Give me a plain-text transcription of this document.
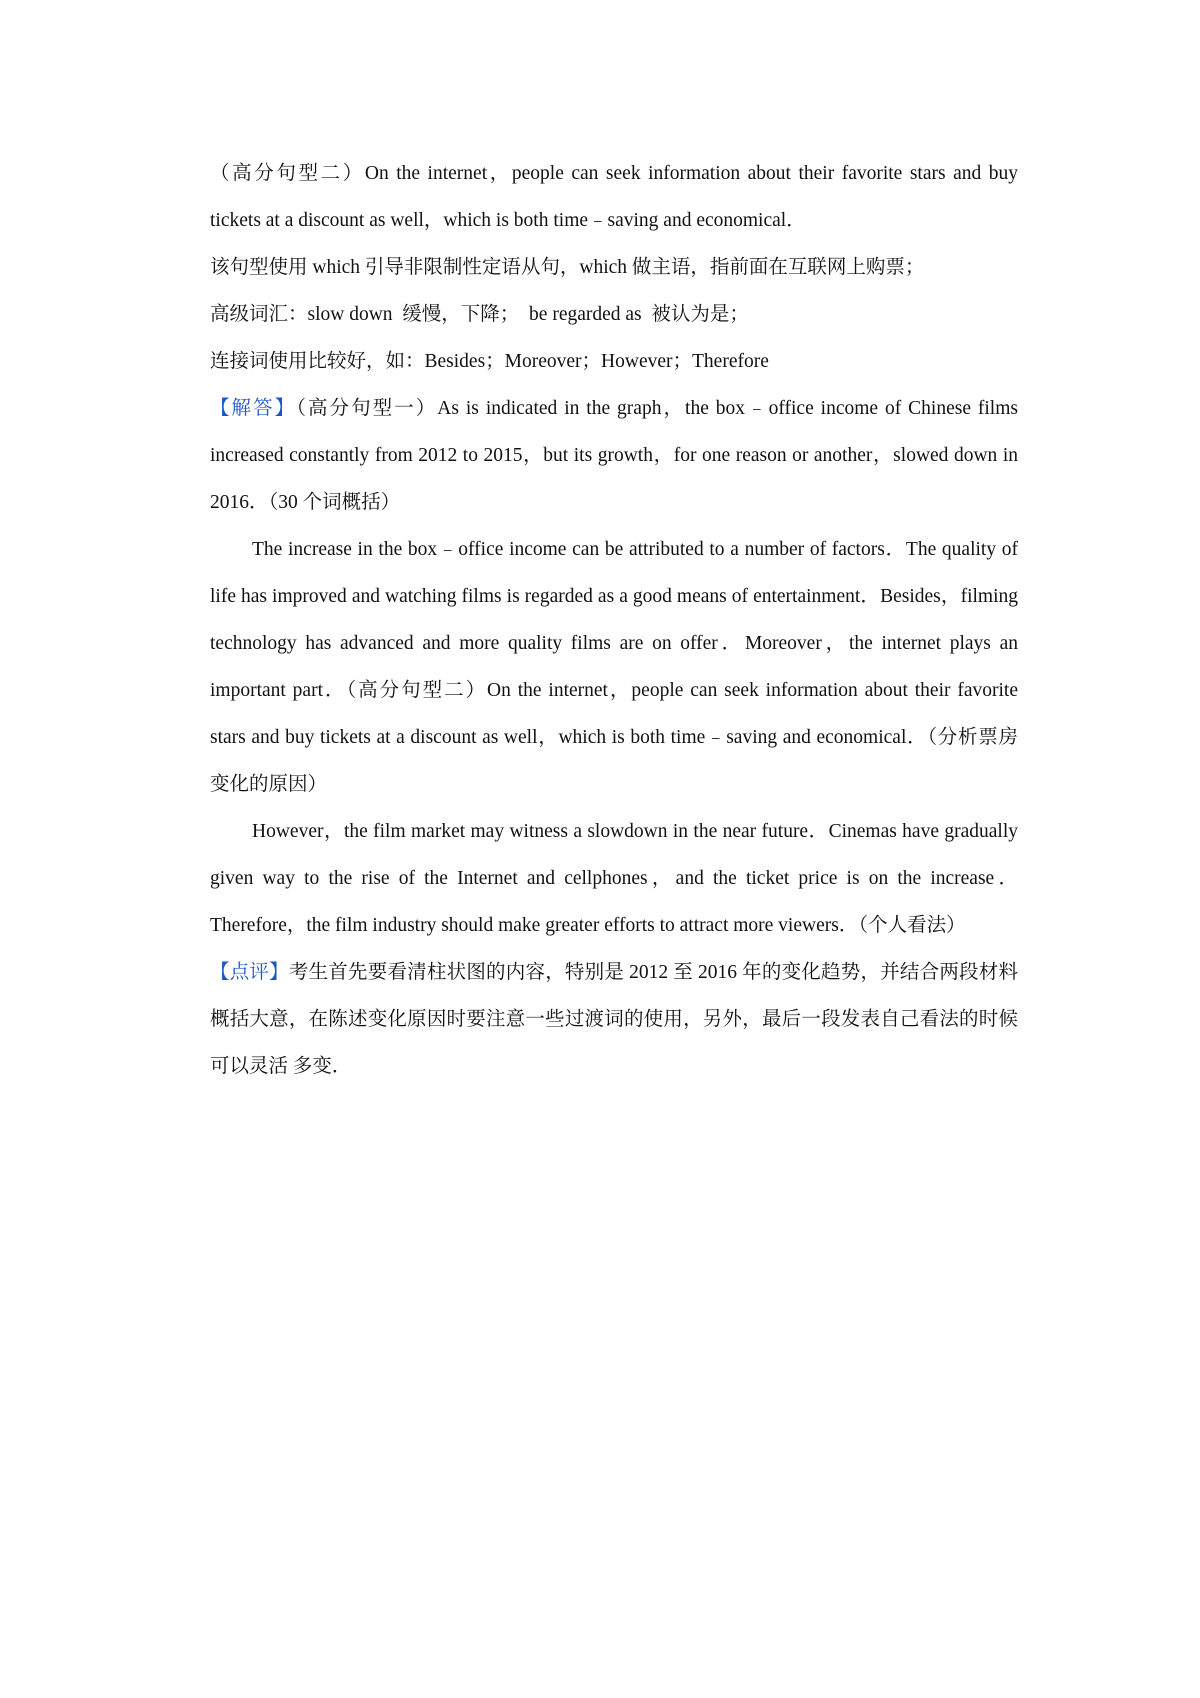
（高分句型二）On the internet，people can seek information about their favorite stars and buy tickets at a discount as well，which is both time﹣saving and economical．

该句型使用 which 引导非限制性定语从句，which 做主语，指前面在互联网上购票；

高级词汇：slow down  缓慢，下降；  be regarded as  被认为是；

连接词使用比较好，如：Besides；Moreover；However；Therefore

【解答】（高分句型一）As is indicated in the graph，the box﹣office income of Chinese films increased constantly from 2012 to 2015，but its growth，for one reason or another，slowed down in 2016．（30 个词概括）

The increase in the box﹣office income can be attributed to a number of factors．The quality of life has improved and watching films is regarded as a good means of entertainment．Besides，filming technology has advanced and more quality films are on offer．Moreover，the internet plays an important part．（高分句型二）On the internet，people can seek information about their favorite stars and buy tickets at a discount as well，which is both time﹣saving and economical．（分析票房变化的原因）

However，the film market may witness a slowdown in the near future．Cinemas have gradually given way to the rise of the Internet and cellphones，and the ticket price is on the increase．Therefore，the film industry should make greater efforts to attract more viewers．（个人看法）

【点评】考生首先要看清柱状图的内容，特别是 2012 至 2016 年的变化趋势，并结合两段材料概括大意，在陈述变化原因时要注意一些过渡词的使用，另外，最后一段发表自己看法的时候可以灵活 多变．
